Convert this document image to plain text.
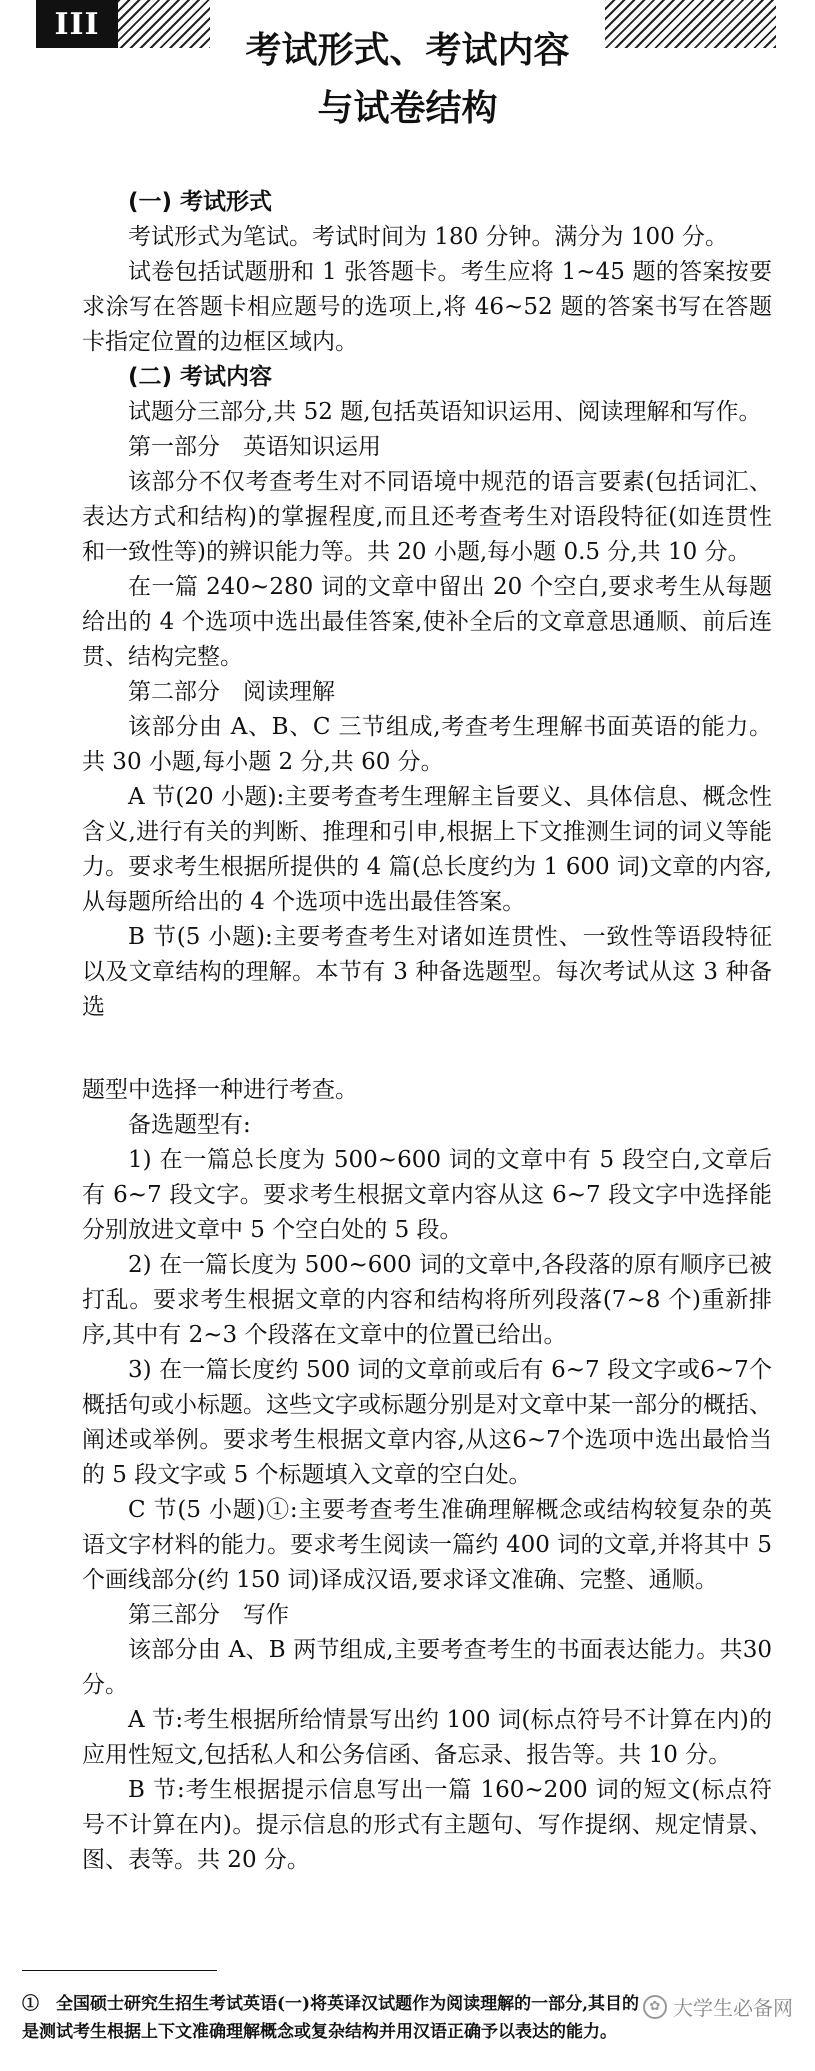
III
考试形式、考试内容
与试卷结构

(一) 考试形式

考试形式为笔试。考试时间为 180 分钟。满分为 100 分。

试卷包括试题册和 1 张答题卡。考生应将 1~45 题的答案按要求涂写在答题卡相应题号的选项上,将 46~52 题的答案书写在答题卡指定位置的边框区域内。

(二) 考试内容

试题分三部分,共 52 题,包括英语知识运用、阅读理解和写作。

第一部分　英语知识运用

该部分不仅考查考生对不同语境中规范的语言要素(包括词汇、表达方式和结构)的掌握程度,而且还考查考生对语段特征(如连贯性和一致性等)的辨识能力等。共 20 小题,每小题 0.5 分,共 10 分。

在一篇 240~280 词的文章中留出 20 个空白,要求考生从每题给出的 4 个选项中选出最佳答案,使补全后的文章意思通顺、前后连贯、结构完整。

第二部分　阅读理解

该部分由 A、B、C 三节组成,考查考生理解书面英语的能力。共 30 小题,每小题 2 分,共 60 分。

A 节(20 小题):主要考查考生理解主旨要义、具体信息、概念性含义,进行有关的判断、推理和引申,根据上下文推测生词的词义等能力。要求考生根据所提供的 4 篇(总长度约为 1 600 词)文章的内容,从每题所给出的 4 个选项中选出最佳答案。

B 节(5 小题):主要考查考生对诸如连贯性、一致性等语段特征以及文章结构的理解。本节有 3 种备选题型。每次考试从这 3 种备选

题型中选择一种进行考查。

备选题型有:

1) 在一篇总长度为 500~600 词的文章中有 5 段空白,文章后有 6~7 段文字。要求考生根据文章内容从这 6~7 段文字中选择能分别放进文章中 5 个空白处的 5 段。

2) 在一篇长度为 500~600 词的文章中,各段落的原有顺序已被打乱。要求考生根据文章的内容和结构将所列段落(7~8 个)重新排序,其中有 2~3 个段落在文章中的位置已给出。

3) 在一篇长度约 500 词的文章前或后有 6~7 段文字或6~7个概括句或小标题。这些文字或标题分别是对文章中某一部分的概括、阐述或举例。要求考生根据文章内容,从这6~7个选项中选出最恰当的 5 段文字或 5 个标题填入文章的空白处。

C 节(5 小题)①:主要考查考生准确理解概念或结构较复杂的英语文字材料的能力。要求考生阅读一篇约 400 词的文章,并将其中 5 个画线部分(约 150 词)译成汉语,要求译文准确、完整、通顺。

第三部分　写作

该部分由 A、B 两节组成,主要考查考生的书面表达能力。共30分。

A 节:考生根据所给情景写出约 100 词(标点符号不计算在内)的应用性短文,包括私人和公务信函、备忘录、报告等。共 10 分。

B 节:考生根据提示信息写出一篇 160~200 词的短文(标点符号不计算在内)。提示信息的形式有主题句、写作提纲、规定情景、图、表等。共 20 分。

①　全国硕士研究生招生考试英语(一)将英译汉试题作为阅读理解的一部分,其目的
是测试考生根据上下文准确理解概念或复杂结构并用汉语正确予以表达的能力。
✿ 大学生必备网
